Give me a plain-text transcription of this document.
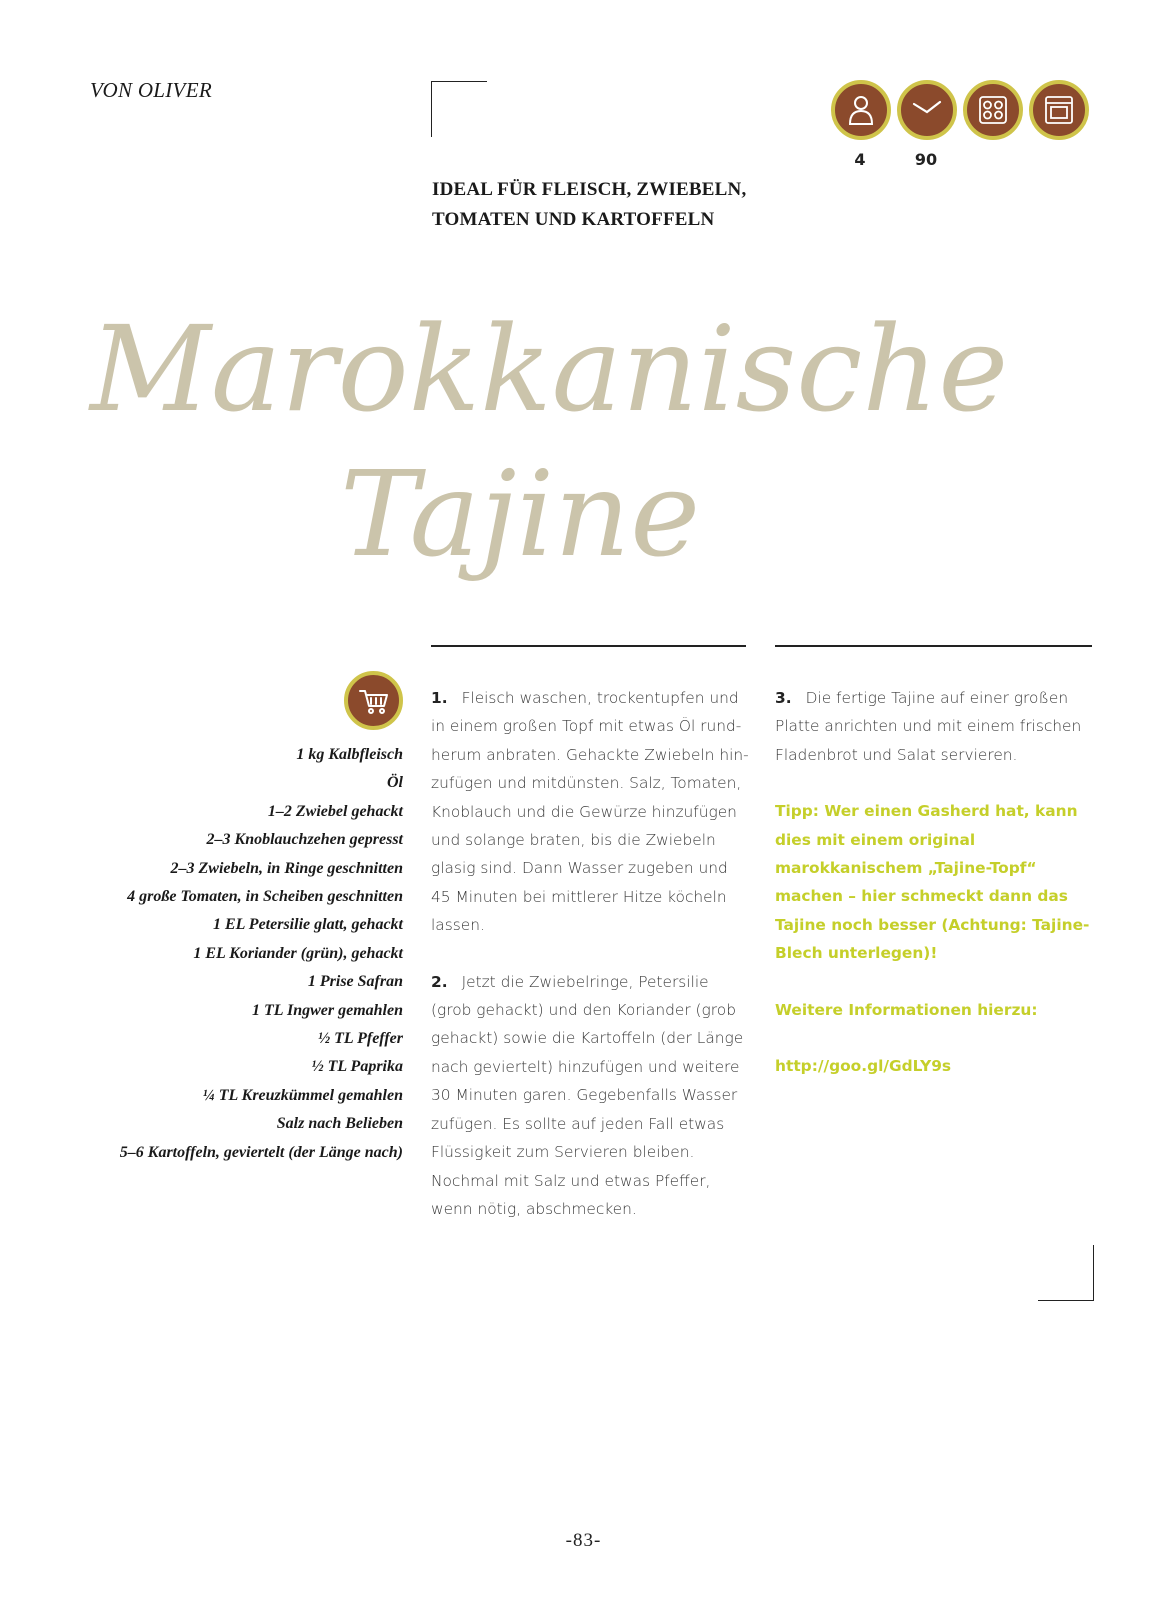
VON OLIVER
IDEAL FÜR FLEISCH, ZWIEBELN,
TOMATEN UND KARTOFFELN
4	90
Marokkanische
Tajine
1 kg Kalbfleisch
Öl
1–2 Zwiebel gehackt
2–3 Knoblauchzehen gepresst
2–3 Zwiebeln, in Ringe geschnitten
4 große Tomaten, in Scheiben geschnitten
1 EL Petersilie glatt, gehackt
1 EL Koriander (grün), gehackt
1 Prise Safran
1 TL Ingwer gemahlen
½ TL Pfeffer
½ TL Paprika
¼ TL Kreuzkümmel gemahlen
Salz nach Belieben
5–6 Kartoffeln, geviertelt (der Länge nach)

1. Fleisch waschen, trockentupfen und in einem großen Topf mit etwas Öl rundherum anbraten. Gehackte Zwiebeln hinzufügen und mitdünsten. Salz, Tomaten, Knoblauch und die Gewürze hinzufügen und solange braten, bis die Zwiebeln glasig sind. Dann Wasser zugeben und 45 Minuten bei mittlerer Hitze köcheln lassen.

2. Jetzt die Zwiebelringe, Petersilie (grob gehackt) und den Koriander (grob gehackt) sowie die Kartoffeln (der Länge nach geviertelt) hinzufügen und weitere 30 Minuten garen. Gegebenfalls Wasser zufügen. Es sollte auf jeden Fall etwas Flüssigkeit zum Servieren bleiben. Nochmal mit Salz und etwas Pfeffer, wenn nötig, abschmecken.

3. Die fertige Tajine auf einer großen Platte anrichten und mit einem frischen Fladenbrot und Salat servieren.

Tipp: Wer einen Gasherd hat, kann dies mit einem original marokkanischem „Tajine-Topf“ machen – hier schmeckt dann das Tajine noch besser (Achtung: Tajine-Blech unterlegen)!

Weitere Informationen hierzu:

http://goo.gl/GdLY9s

-83-
